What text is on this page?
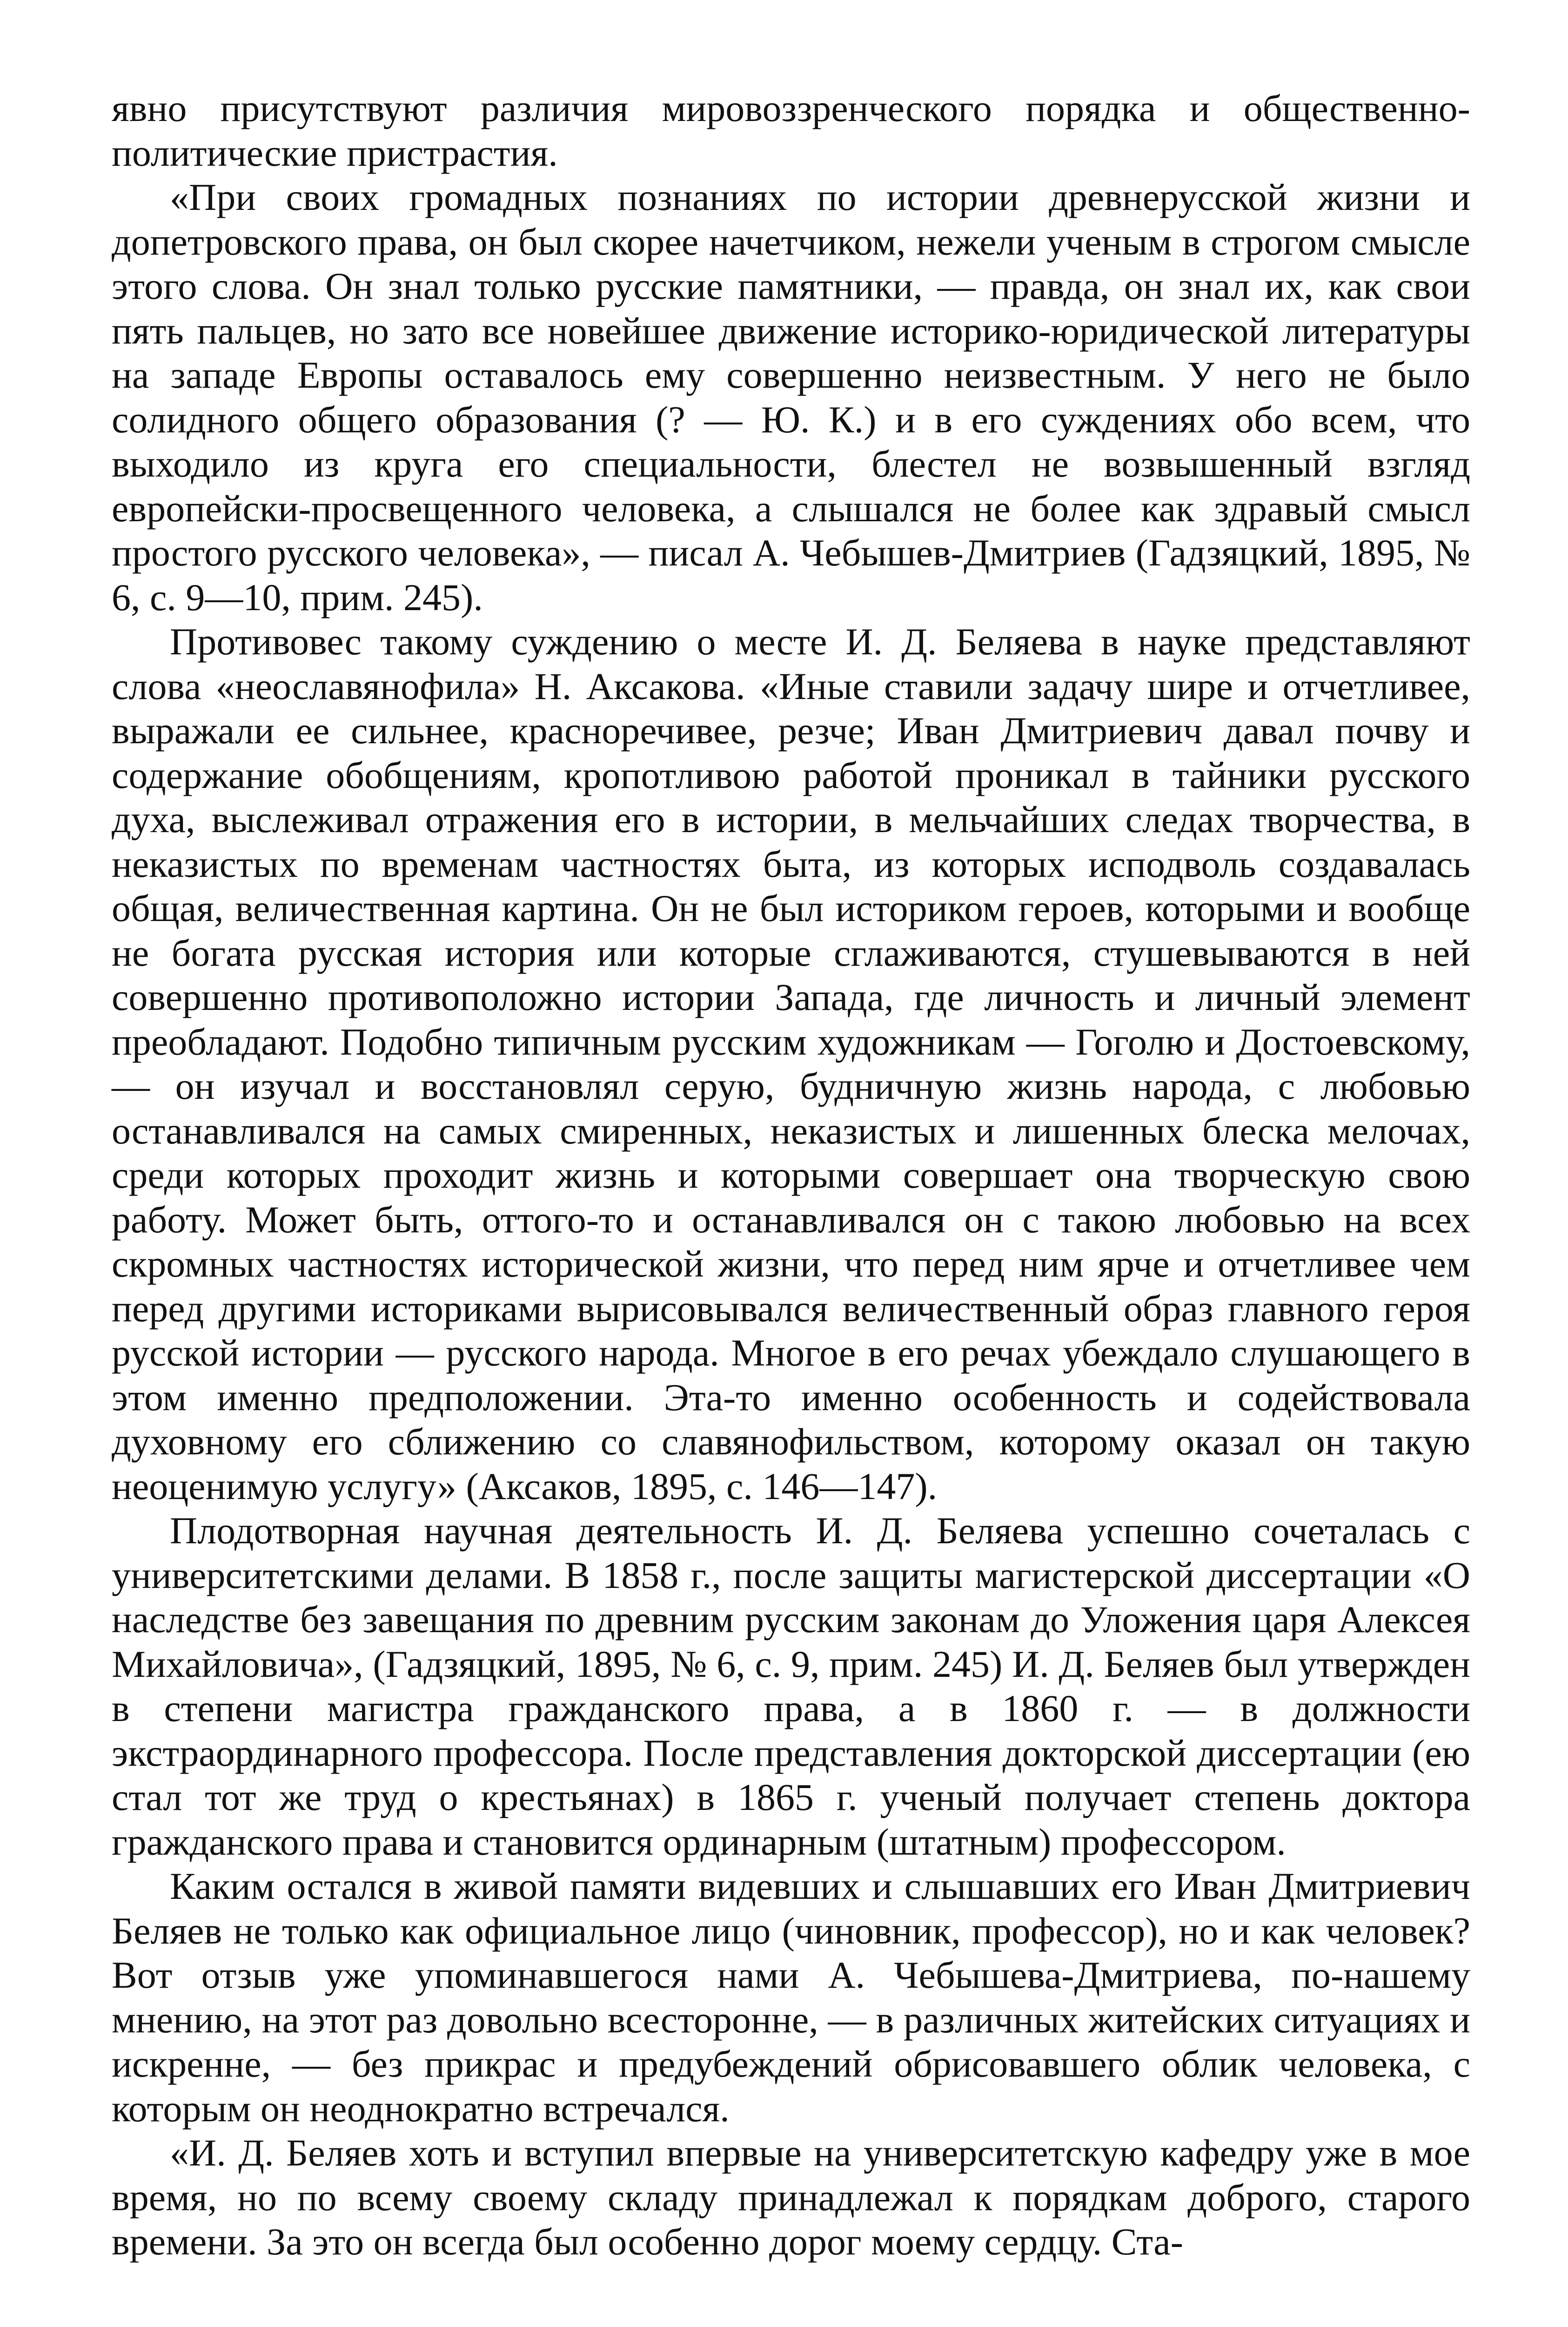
явно присутствуют различия мировоззренческого порядка и общественно-политические пристрастия.

«При своих громадных познаниях по истории древнерусской жизни и допетровского права, он был скорее начетчиком, нежели ученым в строгом смысле этого слова. Он знал только русские памятники, — правда, он знал их, как свои пять пальцев, но зато все новейшее движение историко-юридической литературы на западе Европы оставалось ему совершенно неизвестным. У него не было солидного общего образования (? — Ю. К.) и в его суждениях обо всем, что выходило из круга его специальности, блестел не возвышенный взгляд европейски-просвещенного человека, а слышался не более как здравый смысл простого русского человека», — писал А. Чебышев-Дмитриев (Гадзяцкий, 1895, № 6, с. 9—10, прим. 245).

Противовес такому суждению о месте И. Д. Беляева в науке представляют слова «неославянофила» Н. Аксакова. «Иные ставили задачу шире и отчетливее, выражали ее сильнее, красноречивее, резче; Иван Дмитриевич давал почву и содержание обобщениям, кропотливою работой проникал в тайники русского духа, выслеживал отражения его в истории, в мельчайших следах творчества, в неказистых по временам частностях быта, из которых исподволь создавалась общая, величественная картина. Он не был историком героев, которыми и вообще не богата русская история или которые сглаживаются, стушевываются в ней совершенно противоположно истории Запада, где личность и личный элемент преобладают. Подобно типичным русским художникам — Гоголю и Достоевскому, — он изучал и восстановлял серую, будничную жизнь народа, с любовью останавливался на самых смиренных, неказистых и лишенных блеска мелочах, среди которых проходит жизнь и которыми совершает она творческую свою работу. Может быть, оттого-то и останавливался он с такою любовью на всех скромных частностях исторической жизни, что перед ним ярче и отчетливее чем перед другими историками вырисовывался величественный образ главного героя русской истории — русского народа. Многое в его речах убеждало слушающего в этом именно предположении. Эта-то именно особенность и содействовала духовному его сближению со славянофильством, которому оказал он такую неоценимую услугу» (Аксаков, 1895, с. 146—147).

Плодотворная научная деятельность И. Д. Беляева успешно сочеталась с университетскими делами. В 1858 г., после защиты магистерской диссертации «О наследстве без завещания по древним русским законам до Уложения царя Алексея Михайловича», (Гадзяцкий, 1895, № 6, с. 9, прим. 245) И. Д. Беляев был утвержден в степени магистра гражданского права, а в 1860 г. — в должности экстраординарного профессора. После представления докторской диссертации (ею стал тот же труд о крестьянах) в 1865 г. ученый получает степень доктора гражданского права и становится ординарным (штатным) профессором.

Каким остался в живой памяти видевших и слышавших его Иван Дмитриевич Беляев не только как официальное лицо (чиновник, профессор), но и как человек? Вот отзыв уже упоминавшегося нами А. Чебышева-Дмитриева, по-нашему мнению, на этот раз довольно всесторонне, — в различных житейских ситуациях и искренне, — без прикрас и предубеждений обрисовавшего облик человека, с которым он неоднократно встречался.

«И. Д. Беляев хоть и вступил впервые на университетскую кафедру уже в мое время, но по всему своему складу принадлежал к порядкам доброго, старого времени. За это он всегда был особенно дорог моему сердцу. Ста-
